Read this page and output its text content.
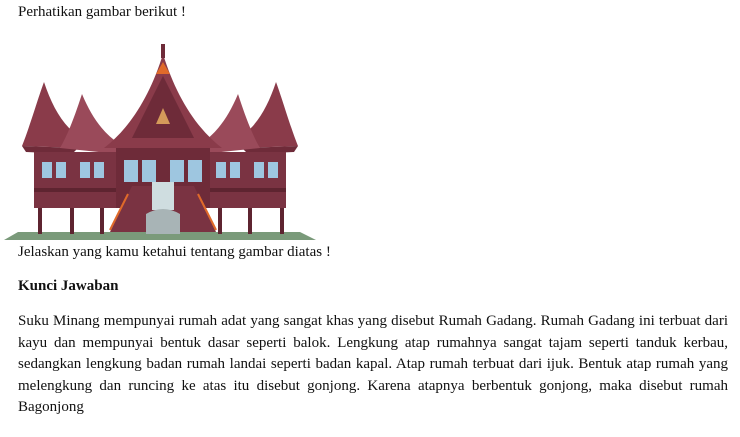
Perhatikan gambar berikut !
Jelaskan yang kamu ketahui tentang gambar diatas !
Kunci Jawaban
Suku Minang mempunyai rumah adat yang sangat khas yang disebut Rumah Gadang. Rumah Gadang ini terbuat dari kayu dan mempunyai bentuk dasar seperti balok. Lengkung atap rumahnya sangat tajam seperti tanduk kerbau, sedangkan lengkung badan rumah landai seperti badan kapal. Atap rumah terbuat dari ijuk. Bentuk atap rumah yang melengkung dan runcing ke atas itu disebut gonjong. Karena atapnya berbentuk gonjong, maka disebut rumah Bagonjong
